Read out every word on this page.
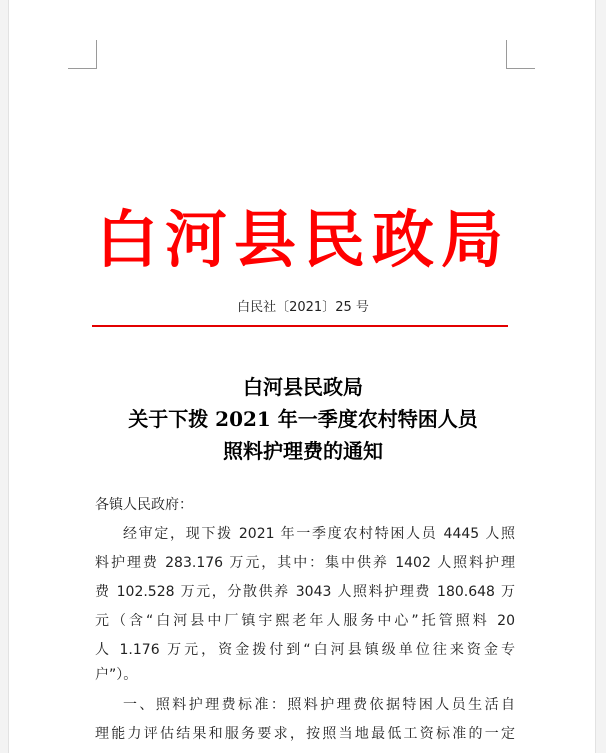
白河县民政局
白民社〔2021〕25 号
白河县民政局
关于下拨 2021 年一季度农村特困人员
照料护理费的通知
各镇人民政府：
经审定，现下拨 2021 年一季度农村特困人员 4445 人照
料护理费 283.176 万元，其中：集中供养 1402 人照料护理
费 102.528 万元，分散供养 3043 人照料护理费 180.648 万
元（含“白河县中厂镇宇熙老年人服务中心”托管照料 20
人 1.176 万元，资金拨付到“白河县镇级单位往来资金专
户”）。
一、照料护理费标准：照料护理费依据特困人员生活自
理能力评估结果和服务要求，按照当地最低工资标准的一定
